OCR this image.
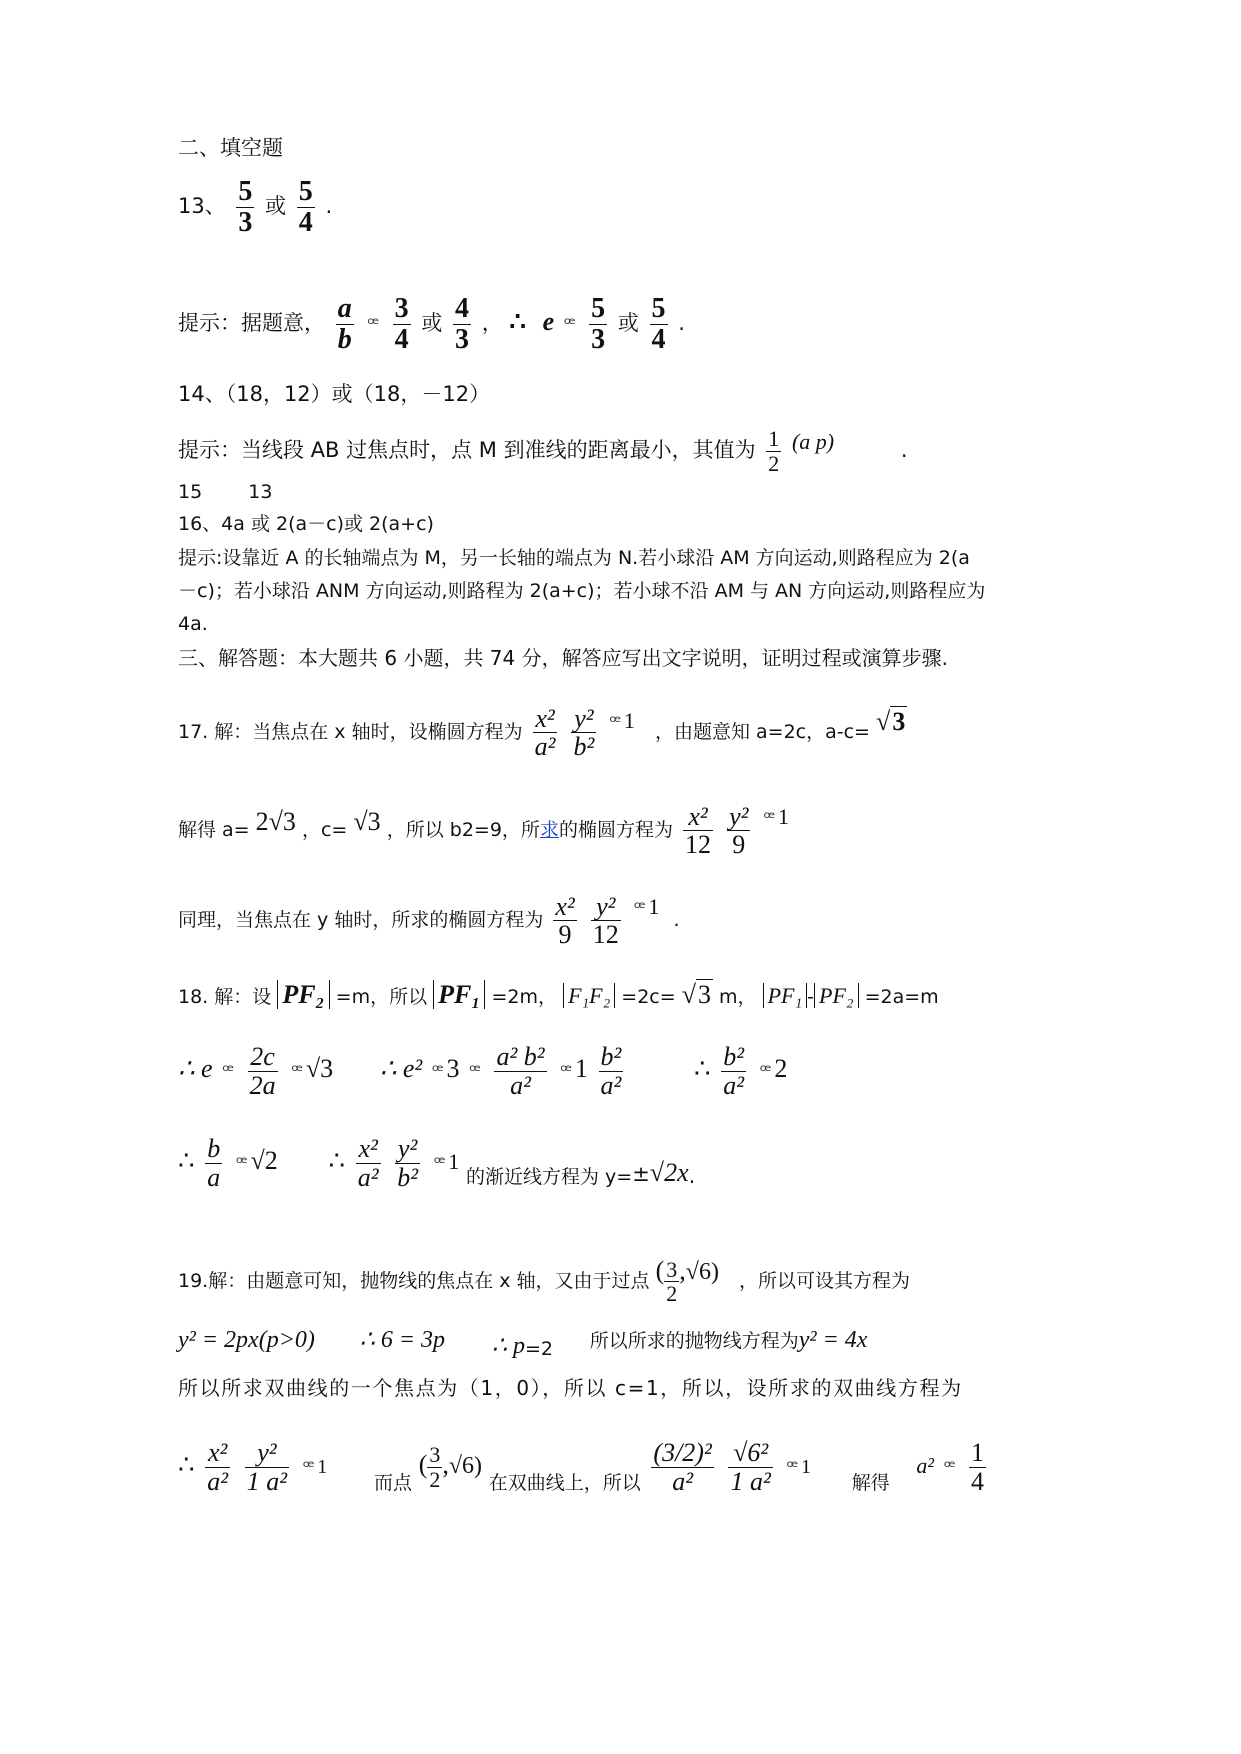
二、填空题
13、 $\frac{5}{3}$ 或 $\frac{5}{4}$ .
提示：据题意， $\frac{a}{b}$ ꟹ $\frac{3}{4}$ 或 $\frac{4}{3}$ ， ∴ e ꟹ $\frac{5}{3}$ 或 $\frac{5}{4}$ .
14、（18，12）或（18，－12）
提示：当线段 AB 过焦点时，点 M 到准线的距离最小，其值为 $\frac{1}{2} (a$ p)	.
15 13
16、4a 或 2(a－c)或 2(a+c)
提示:设靠近 A 的长轴端点为 M，另一长轴的端点为 N.若小球沿 AM 方向运动,则路程应为 2(a
－c)；若小球沿 ANM 方向运动,则路程为 2(a+c)；若小球不沿 AM 与 AN 方向运动,则路程应为
4a.
三、解答题：本大题共 6 小题，共 74 分，解答应写出文字说明，证明过程或演算步骤.
17. 解：当焦点在 x 轴时，设椭圆方程为 $\frac{\text{x²}}{\text{a²}}$
$\frac{\text{y²}}{\text{b²}}$ ꟹ 1 ，由题意知 a=2c，a-c= √3
解得 a= 2√3 ，c= √3 ，所以 b2=9，所求的椭圆方程为 $\frac{\text{x²}}{12}$
$\frac{\text{y²}}{9}$ ꟹ 1
同理，当焦点在 y 轴时，所求的椭圆方程为 $\frac{\text{x²}}{9}$
$\frac{\text{y²}}{12}$ ꟹ 1 .
18. 解：设 PF₂ =m，所以 PF₁ =2m， F₁F₂ =2c= √3 m， PF₁ - PF₂ =2a=m
∴ e ꟹ $\frac{2c}{2a}$ ꟹ √3 ∴ e² ꟹ 3 ꟹ $\frac{\text{a² b²}}{\text{a²}}$ ꟹ $1 \frac{\text{b²}}{\text{a²}}$	∴ $\frac{\text{b²}}{\text{a²}}$ ꟹ 2
∴ $\frac{b}{a}$ ꟹ √2 ∴ $\frac{\text{x²}}{\text{a²}}$
$\frac{\text{y²}}{\text{b²}}$ ꟹ 1 的渐近线方程为 y=±√2x.
19.解：由题意可知，抛物线的焦点在 x 轴，又由于过点 ( $\frac{3}{2} ,√6$) ，所以可设其方程为
y² = 2px(p>0) ∴ 6 = 3p ∴ p=2 所以所求的抛物线方程为y² = 4x
所以所求双曲线的一个焦点为（1，0），所以 c=1，所以，设所求的双曲线方程为
∴ $\frac{\text{x²}}{\text{a²}}$
$\frac{\text{y²}}{\text{1 a²}}$ ꟹ 1 而点 ( $\frac{3}{2} ,√6$) 在双曲线上，所以 $\frac{\text{(3/2)²}}{\text{a²}}$
$\frac{\text{√6²}}{\text{1 a²}}$ ꟹ 1 解得 a² ꟹ $\frac{1}{4}$
